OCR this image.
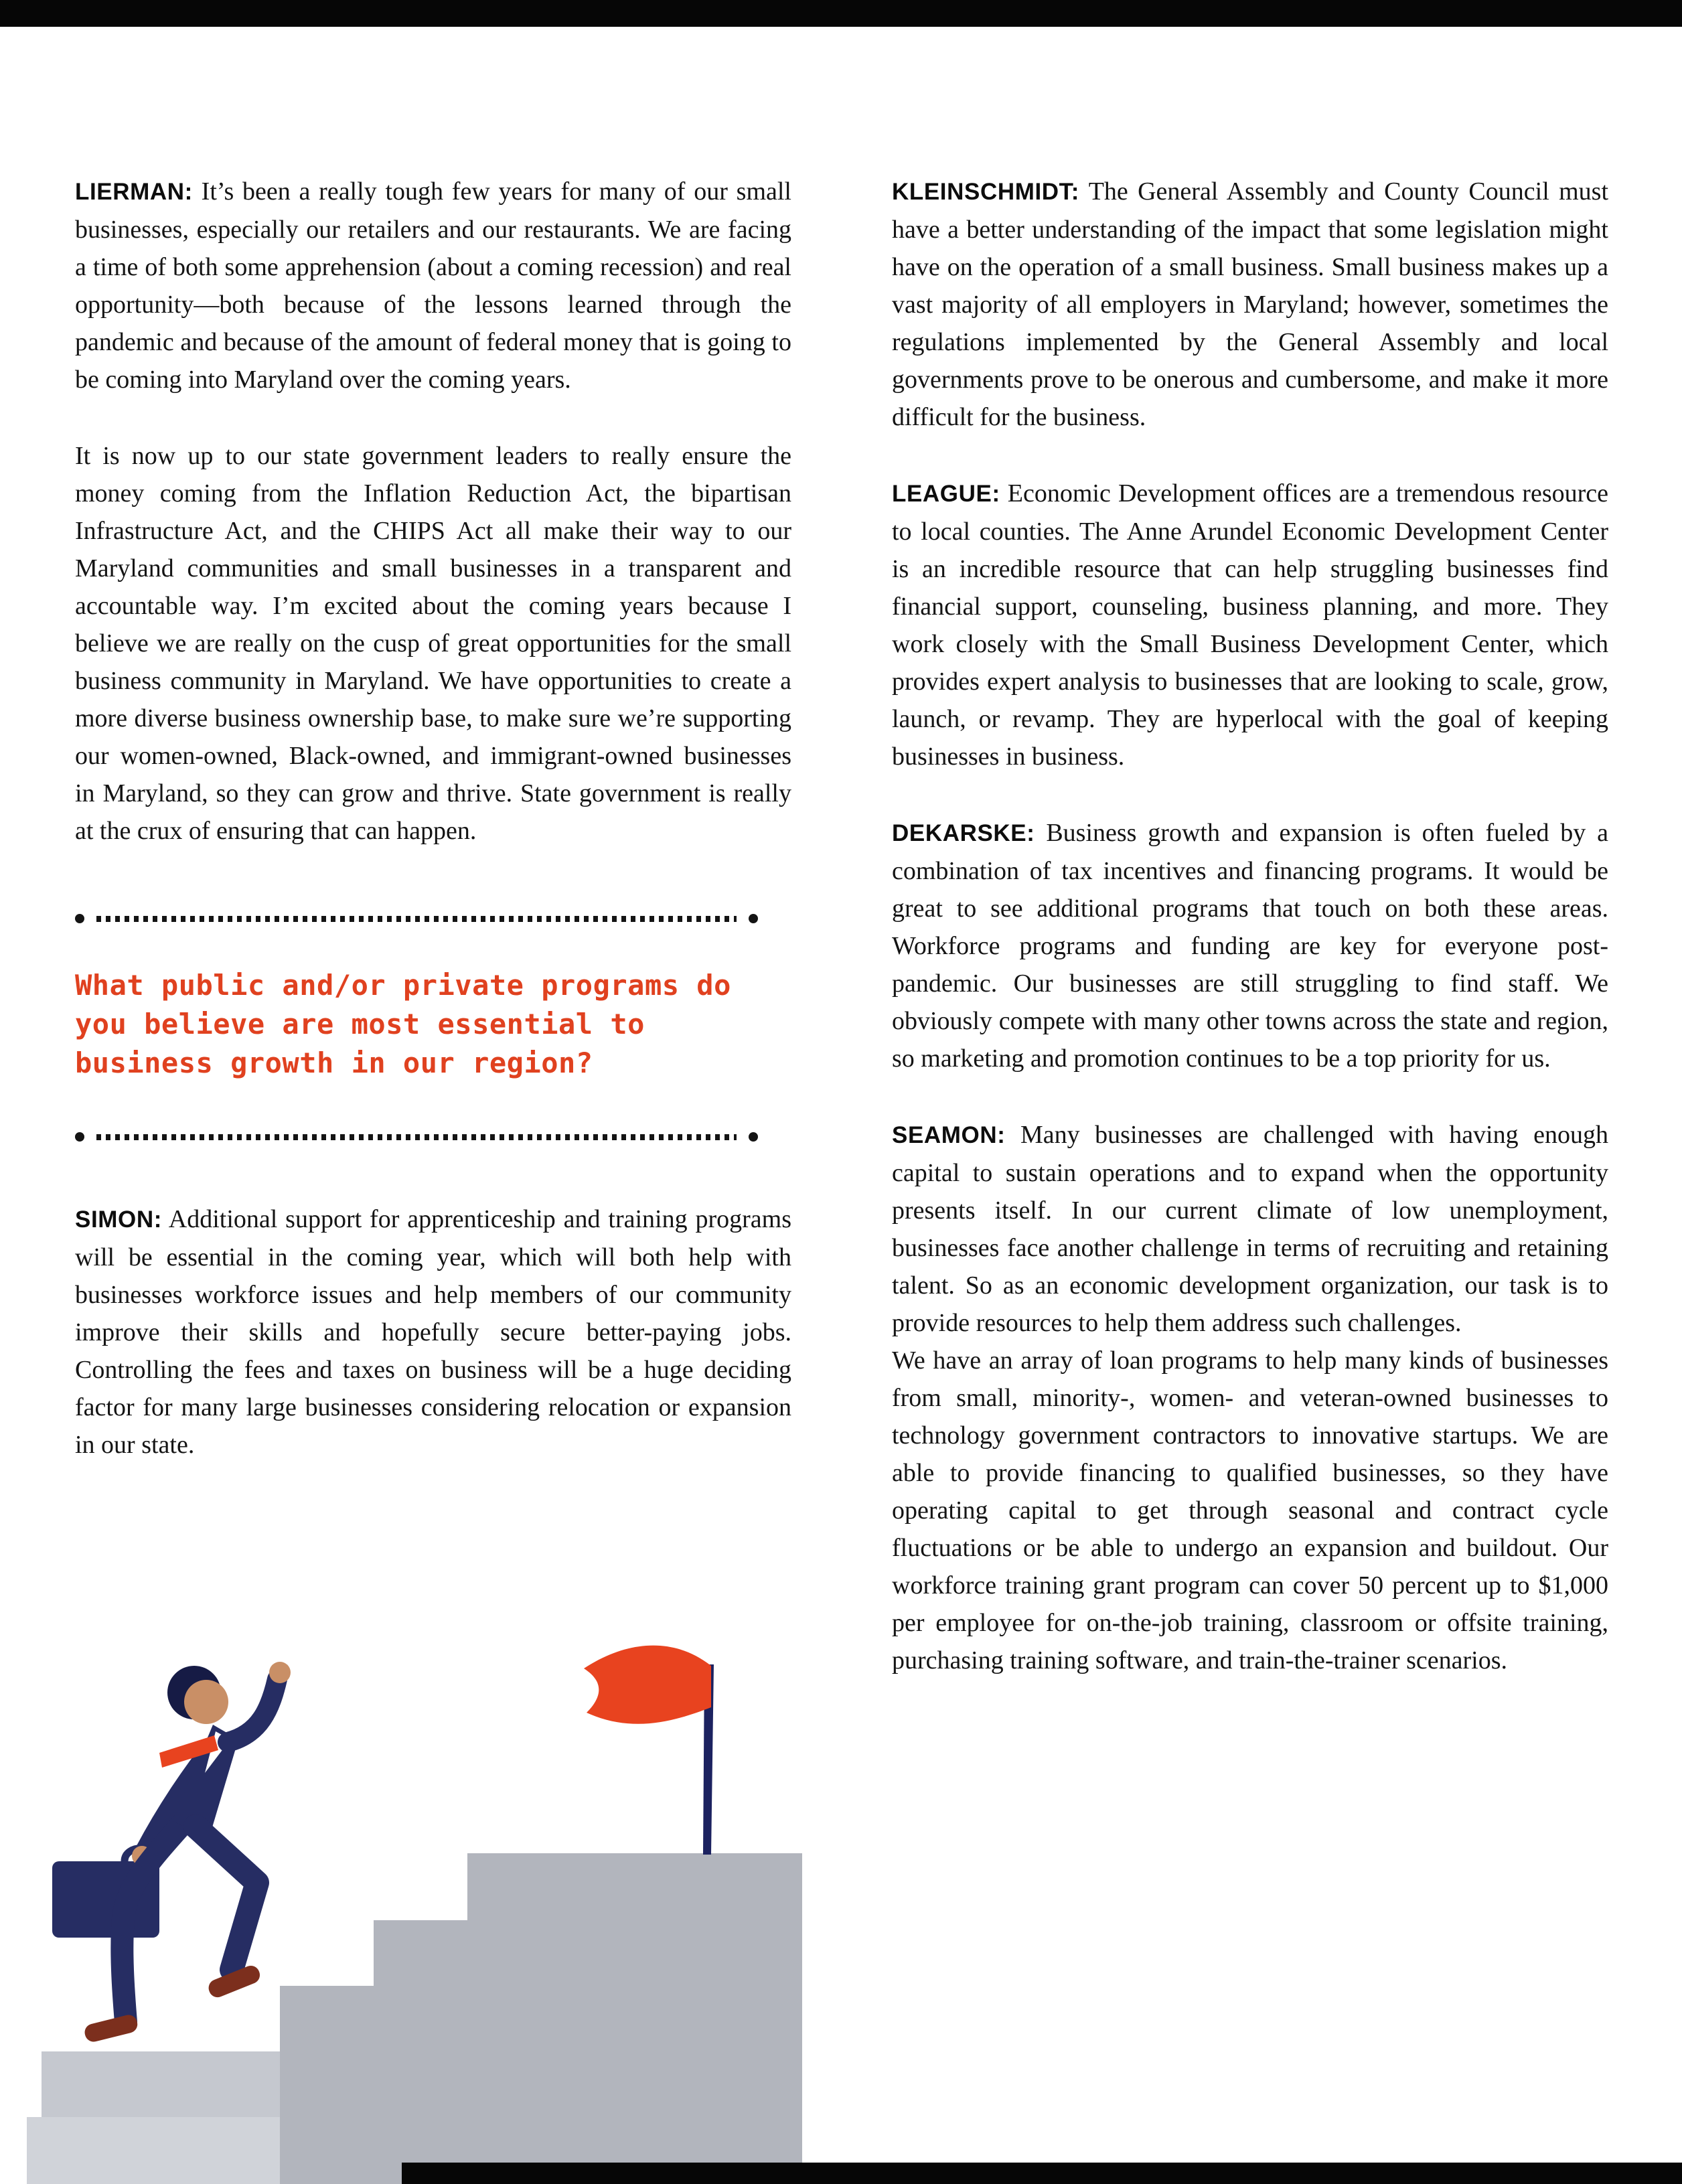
LIERMAN: It’s been a really tough few years for many of our small businesses, especially our retailers and our restaurants. We are facing a time of both some apprehension (about a coming recession) and real opportunity—both because of the lessons learned through the pandemic and because of the amount of federal money that is going to be coming into Maryland over the coming years.

It is now up to our state government leaders to really ensure the money coming from the Inflation Reduction Act, the bipartisan Infrastructure Act, and the CHIPS Act all make their way to our Maryland communities and small businesses in a transparent and accountable way. I’m excited about the coming years because I believe we are really on the cusp of great opportunities for the small business community in Maryland. We have opportunities to create a more diverse business ownership base, to make sure we’re supporting our women-owned, Black-owned, and immigrant-owned businesses in Maryland, so they can grow and thrive. State government is really at the crux of ensuring that can happen.

What public and/or private programs do you believe are most essential to business growth in our region?

SIMON: Additional support for apprenticeship and training programs will be essential in the coming year, which will both help with businesses workforce issues and help members of our community improve their skills and hopefully secure better-paying jobs. Controlling the fees and taxes on business will be a huge deciding factor for many large businesses considering relocation or expansion in our state.

KLEINSCHMIDT: The General Assembly and County Council must have a better understanding of the impact that some legislation might have on the operation of a small business. Small business makes up a vast majority of all employers in Maryland; however, sometimes the regulations implemented by the General Assembly and local governments prove to be onerous and cumbersome, and make it more difficult for the business.

LEAGUE: Economic Development offices are a tremendous resource to local counties. The Anne Arundel Economic Development Center is an incredible resource that can help struggling businesses find financial support, counseling, business planning, and more. They work closely with the Small Business Development Center, which provides expert analysis to businesses that are looking to scale, grow, launch, or revamp. They are hyperlocal with the goal of keeping businesses in business.

DEKARSKE: Business growth and expansion is often fueled by a combination of tax incentives and financing programs. It would be great to see additional programs that touch on both these areas. Workforce programs and funding are key for everyone post-pandemic. Our businesses are still struggling to find staff. We obviously compete with many other towns across the state and region, so marketing and promotion continues to be a top priority for us.

SEAMON: Many businesses are challenged with having enough capital to sustain operations and to expand when the opportunity presents itself. In our current climate of low unemployment, businesses face another challenge in terms of recruiting and retaining talent. So as an economic development organization, our task is to provide resources to help them address such challenges.

We have an array of loan programs to help many kinds of businesses from small, minority-, women- and veteran-owned businesses to technology government contractors to innovative startups. We are able to provide financing to qualified businesses, so they have operating capital to get through seasonal and contract cycle fluctuations or be able to undergo an expansion and buildout. Our workforce training grant program can cover 50 percent up to $1,000 per employee for on-the-job training, classroom or offsite training, purchasing training software, and train-the-trainer scenarios.
